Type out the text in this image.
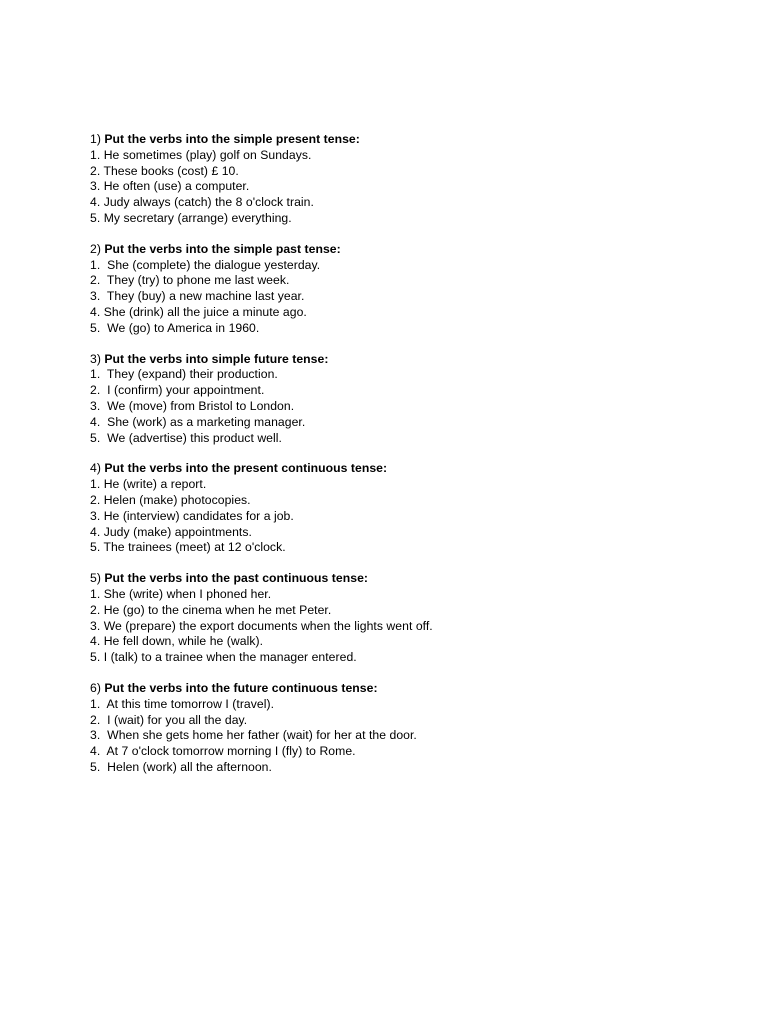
1) Put the verbs into the simple present tense:
1. He sometimes (play) golf on Sundays.
2. These books (cost) £ 10.
3. He often (use) a computer.
4. Judy always (catch) the 8 o'clock train.
5. My secretary (arrange) everything.
2) Put the verbs into the simple past tense:
1.  She (complete) the dialogue yesterday.
2.  They (try) to phone me last week.
3.  They (buy) a new machine last year.
4. She (drink) all the juice a minute ago.
5.  We (go) to America in 1960.
3) Put the verbs into simple future tense:
1.  They (expand) their production.
2.  I (confirm) your appointment.
3.  We (move) from Bristol to London.
4.  She (work) as a marketing manager.
5.  We (advertise) this product well.
4) Put the verbs into the present continuous tense:
1. He (write) a report.
2. Helen (make) photocopies.
3. He (interview) candidates for a job.
4. Judy (make) appointments.
5. The trainees (meet) at 12 o'clock.
5) Put the verbs into the past continuous tense:
1. She (write) when I phoned her.
2. He (go) to the cinema when he met Peter.
3. We (prepare) the export documents when the lights went off.
4. He fell down, while he (walk).
5. I (talk) to a trainee when the manager entered.
6) Put the verbs into the future continuous tense:
1.  At this time tomorrow I (travel).
2.  I (wait) for you all the day.
3.  When she gets home her father (wait) for her at the door.
4.  At 7 o'clock tomorrow morning I (fly) to Rome.
5.  Helen (work) all the afternoon.
